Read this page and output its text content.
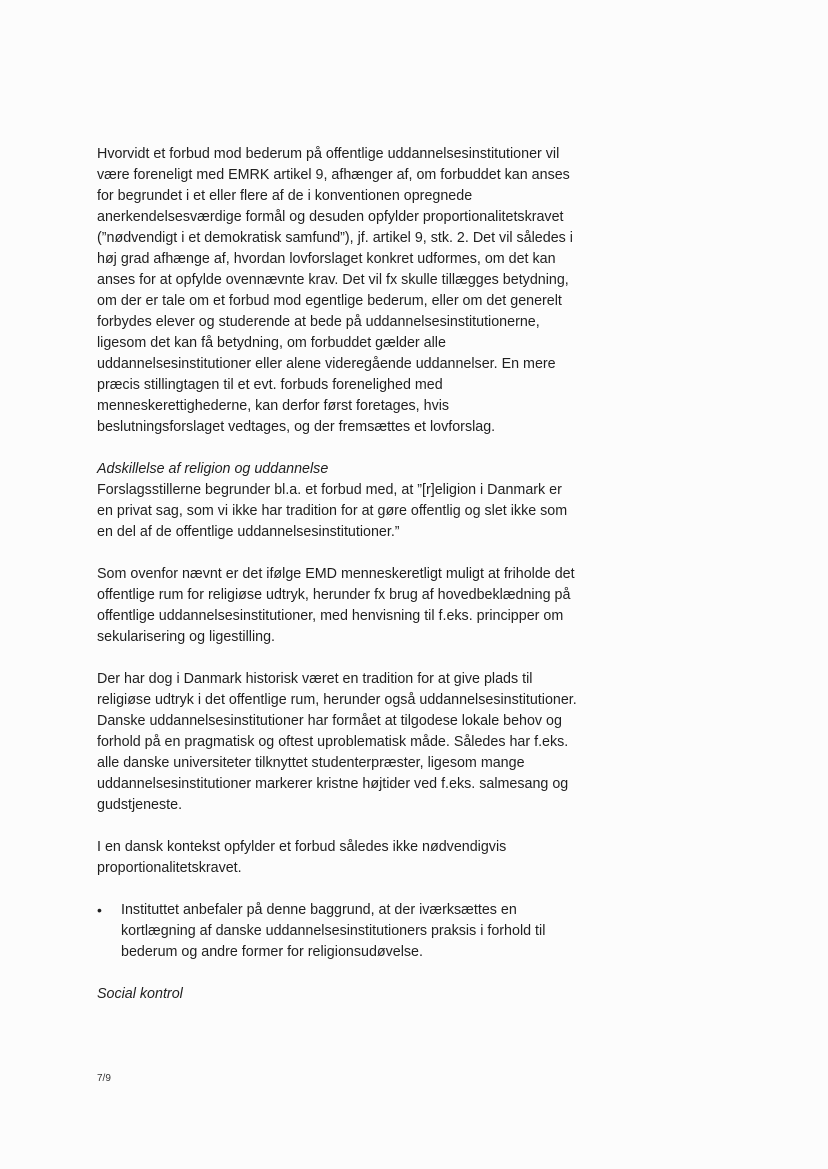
Hvorvidt et forbud mod bederum på offentlige uddannelsesinstitutioner vil være foreneligt med EMRK artikel 9, afhænger af, om forbuddet kan anses for begrundet i et eller flere af de i konventionen opregnede anerkendelsesværdige formål og desuden opfylder proportionalitetskravet (”nødvendigt i et demokratisk samfund”), jf. artikel 9, stk. 2. Det vil således i høj grad afhænge af, hvordan lovforslaget konkret udformes, om det kan anses for at opfylde ovennævnte krav. Det vil fx skulle tillægges betydning, om der er tale om et forbud mod egentlige bederum, eller om det generelt forbydes elever og studerende at bede på uddannelsesinstitutionerne, ligesom det kan få betydning, om forbuddet gælder alle uddannelsesinstitutioner eller alene videregående uddannelser. En mere præcis stillingtagen til et evt. forbuds forenelighed med menneskerettighederne, kan derfor først foretages, hvis beslutningsforslaget vedtages, og der fremsættes et lovforslag.

Adskillelse af religion og uddannelse

Forslagsstillerne begrunder bl.a. et forbud med, at ”[r]eligion i Danmark er en privat sag, som vi ikke har tradition for at gøre offentlig og slet ikke som en del af de offentlige uddannelsesinstitutioner.”

Som ovenfor nævnt er det ifølge EMD menneskeretligt muligt at friholde det offentlige rum for religiøse udtryk, herunder fx brug af hovedbeklædning på offentlige uddannelsesinstitutioner, med henvisning til f.eks. principper om sekularisering og ligestilling.

Der har dog i Danmark historisk været en tradition for at give plads til religiøse udtryk i det offentlige rum, herunder også uddannelsesinstitutioner. Danske uddannelsesinstitutioner har formået at tilgodese lokale behov og forhold på en pragmatisk og oftest uproblematisk måde. Således har f.eks. alle danske universiteter tilknyttet studenterpræster, ligesom mange uddannelsesinstitutioner markerer kristne højtider ved f.eks. salmesang og gudstjeneste.

I en dansk kontekst opfylder et forbud således ikke nødvendigvis proportionalitetskravet.

•	Instituttet anbefaler på denne baggrund, at der iværksættes en kortlægning af danske uddannelsesinstitutioners praksis i forhold til bederum og andre former for religionsudøvelse.

Social kontrol

7/9
